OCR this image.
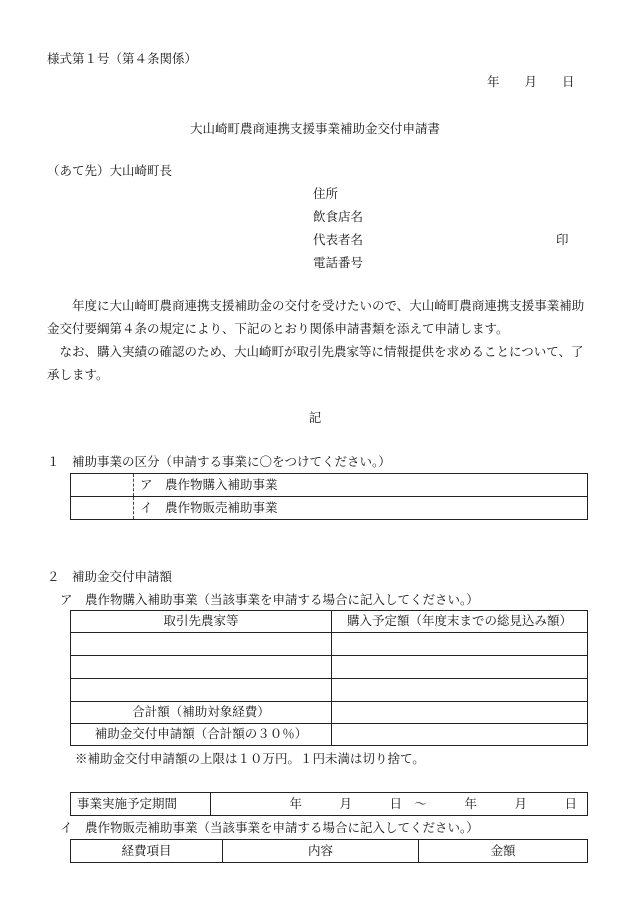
様式第１号（第４条関係）
年　　月　　日
大山崎町農商連携支援事業補助金交付申請書
（あて先）大山崎町長
住所
飲食店名
代表者名	印
電話番号
　　年度に大山崎町農商連携支援補助金の交付を受けたいので、大山崎町農商連携支援事業補助金交付要綱第４条の規定により、下記のとおり関係申請書類を添えて申請します。
　なお、購入実績の確認のため、大山崎町が取引先農家等に情報提供を求めることについて、了承します。
記
１　補助事業の区分（申請する事業に〇をつけてください。）
	ア　農作物購入補助事業
	イ　農作物販売補助事業
２　補助金交付申請額
ア　農作物購入補助事業（当該事業を申請する場合に記入してください。）
取引先農家等	購入予定額（年度末までの総見込み額）

合計額（補助対象経費）	
補助金交付申請額（合計額の３０％）	
※補助金交付申請額の上限は１０万円。１円未満は切り捨て。
事業実施予定期間	年　　　月　　　日　〜　　　年　　　月　　　日
イ　農作物販売補助事業（当該事業を申請する場合に記入してください。）
経費項目	内容	金額
